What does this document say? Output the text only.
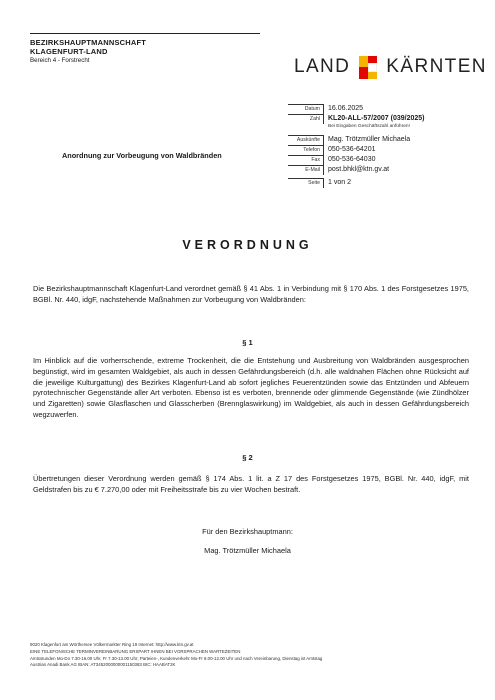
BEZIRKSHAUPTMANNSCHAFT
KLAGENFURT-LAND
Bereich 4 - Forstrecht	LAND KÄRNTEN
Datum	16.06.2025
Zahl	KL20-ALL-57/2007 (039/2025)
Bei Eingaben Geschäftszahl anführen!
Auskünfte	Mag. Trötzmüller Michaela
Telefon	050-536-64201
Fax	050-536-64030
E-Mail	post.bhkl@ktn.gv.at
Seite	1 von 2
Anordnung zur Vorbeugung von Waldbränden
VERORDNUNG
Die Bezirkshauptmannschaft Klagenfurt-Land verordnet gemäß § 41 Abs. 1 in Verbindung mit § 170 Abs. 1 des Forstgesetzes 1975, BGBl. Nr. 440, idgF, nachstehende Maßnahmen zur Vorbeugung von Waldbränden:
§ 1
Im Hinblick auf die vorherrschende, extreme Trockenheit, die die Entstehung und Ausbreitung von Waldbränden ausgesprochen begünstigt, wird im gesamten Waldgebiet, als auch in dessen Gefährdungsbereich (d.h. alle waldnahen Flächen ohne Rücksicht auf die jeweilige Kulturgattung) des Bezirkes Klagenfurt-Land ab sofort jegliches Feuerentzünden sowie das Entzünden und Abfeuern pyrotechnischer Gegenstände aller Art verboten. Ebenso ist es verboten, brennende oder glimmende Gegenstände (wie Zündhölzer und Zigaretten) sowie Glasflaschen und Glasscherben (Brennglaswirkung) im Waldgebiet, als auch in dessen Gefährdungsbereich wegzuwerfen.
§ 2
Übertretungen dieser Verordnung werden gemäß § 174 Abs. 1 lit. a Z 17 des Forstgesetzes 1975, BGBl. Nr. 440, idgF, mit Geldstrafen bis zu € 7.270,00 oder mit Freiheitsstrafe bis zu vier Wochen bestraft.
Für den Bezirkshauptmann:
Mag. Trötzmüller Michaela
9020 Klagenfurt am Wörthersee Völkermarkter Ring 19 Internet: http://www.ktn.gv.at
EINE TELEFONISCHE TERMINVEREINBARUNG ERSPART IHNEN BEI VORSPRACHEN WARTEZEITEN
Amtsstunden Mo-Do 7.30-16.00 Uhr, Fr 7.30-13.00 Uhr; Parteien-, Kundenverkehr Mo-Fr 8.00-12.00 Uhr und nach Vereinbarung, Dienstag ist Amtstag
Austrian Anadi Bank AG IBAN: AT3452000000001150383 BIC: HAABAT2K
